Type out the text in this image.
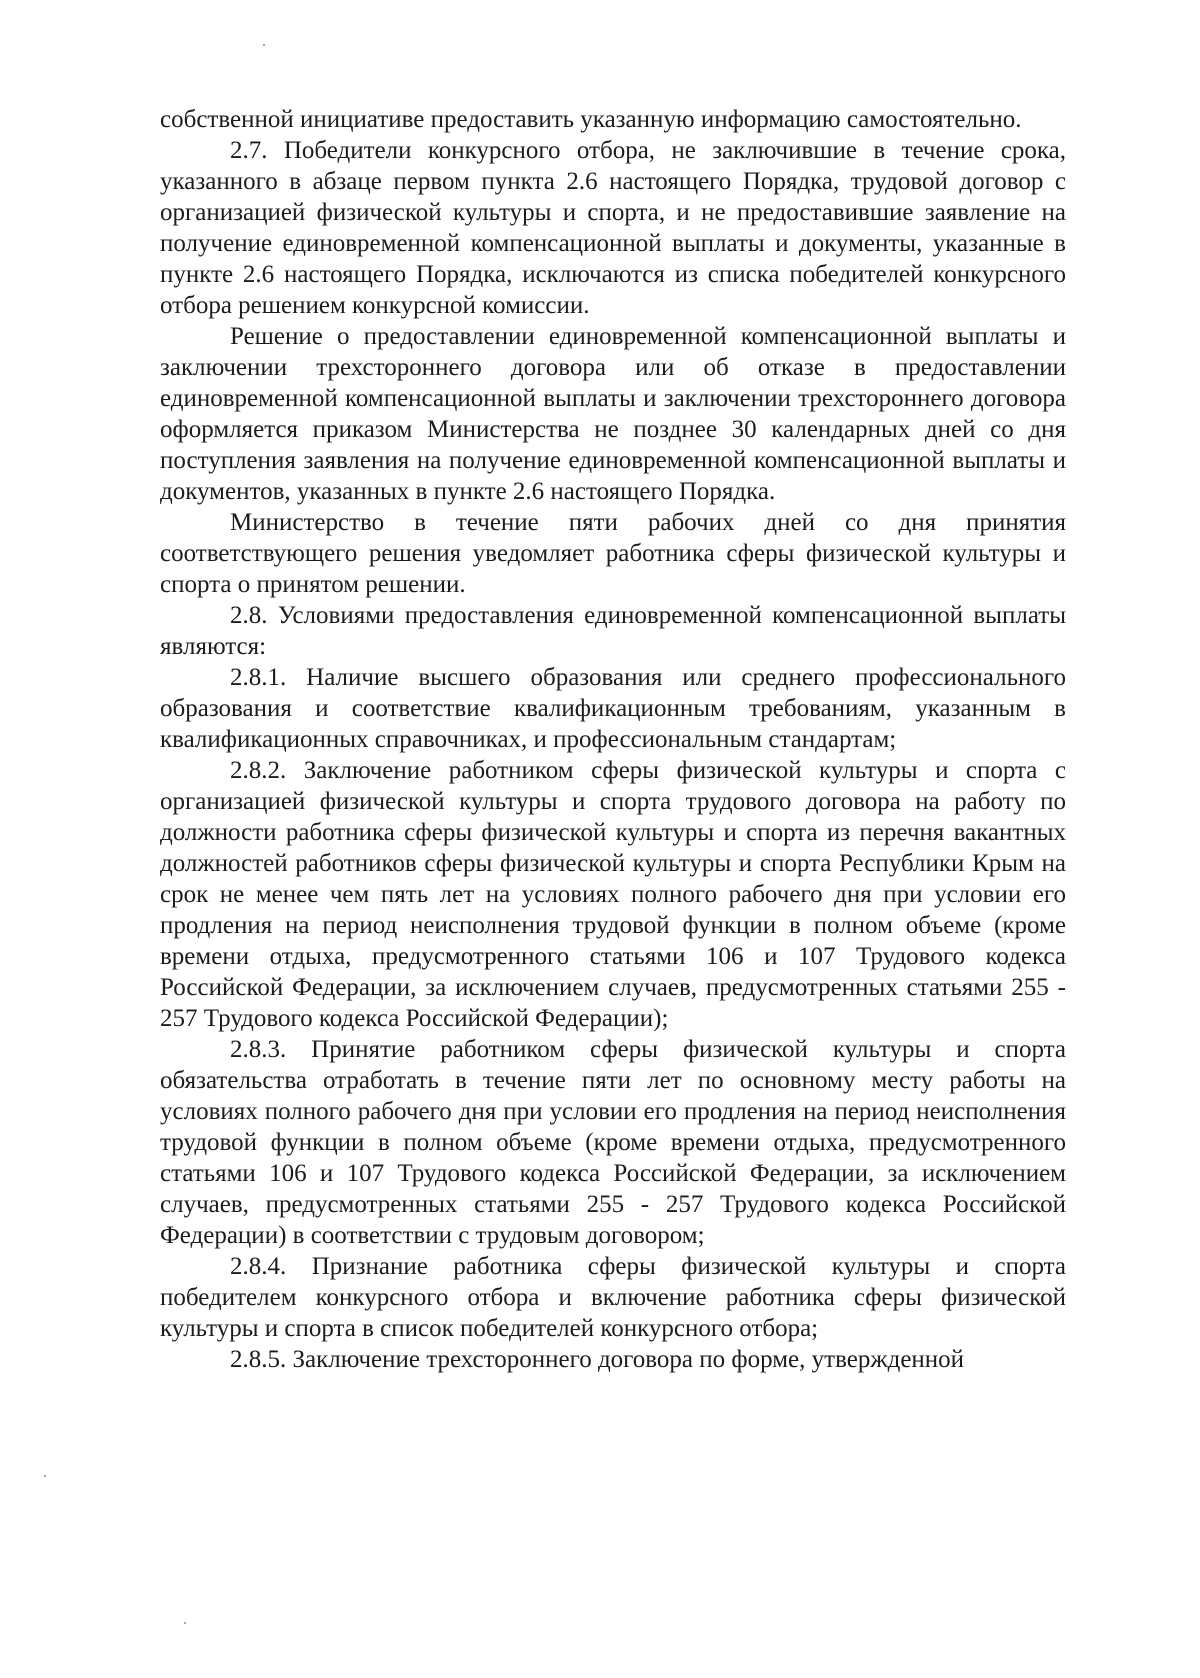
собственной инициативе предоставить указанную информацию самостоятельно.

2.7. Победители конкурсного отбора, не заключившие в течение срока, указанного в абзаце первом пункта 2.6 настоящего Порядка, трудовой договор с организацией физической культуры и спорта, и не предоставившие заявление на получение единовременной компенсационной выплаты и документы, указанные в пункте 2.6 настоящего Порядка, исключаются из списка победителей конкурсного отбора решением конкурсной комиссии.

Решение о предоставлении единовременной компенсационной выплаты и заключении трехстороннего договора или об отказе в предоставлении единовременной компенсационной выплаты и заключении трехстороннего договора оформляется приказом Министерства не позднее 30 календарных дней со дня поступления заявления на получение единовременной компенсационной выплаты и документов, указанных в пункте 2.6 настоящего Порядка.

Министерство в течение пяти рабочих дней со дня принятия соответствующего решения уведомляет работника сферы физической культуры и спорта о принятом решении.

2.8. Условиями предоставления единовременной компенсационной выплаты являются:

2.8.1. Наличие высшего образования или среднего профессионального образования и соответствие квалификационным требованиям, указанным в квалификационных справочниках, и профессиональным стандартам;

2.8.2. Заключение работником сферы физической культуры и спорта с организацией физической культуры и спорта трудового договора на работу по должности работника сферы физической культуры и спорта из перечня вакантных должностей работников сферы физической культуры и спорта Республики Крым на срок не менее чем пять лет на условиях полного рабочего дня при условии его продления на период неисполнения трудовой функции в полном объеме (кроме времени отдыха, предусмотренного статьями 106 и 107 Трудового кодекса Российской Федерации, за исключением случаев, предусмотренных статьями 255 - 257 Трудового кодекса Российской Федерации);

2.8.3. Принятие работником сферы физической культуры и спорта обязательства отработать в течение пяти лет по основному месту работы на условиях полного рабочего дня при условии его продления на период неисполнения трудовой функции в полном объеме (кроме времени отдыха, предусмотренного статьями 106 и 107 Трудового кодекса Российской Федерации, за исключением случаев, предусмотренных статьями 255 - 257 Трудового кодекса Российской Федерации) в соответствии с трудовым договором;

2.8.4. Признание работника сферы физической культуры и спорта победителем конкурсного отбора и включение работника сферы физической культуры и спорта в список победителей конкурсного отбора;

2.8.5. Заключение трехстороннего договора по форме, утвержденной
